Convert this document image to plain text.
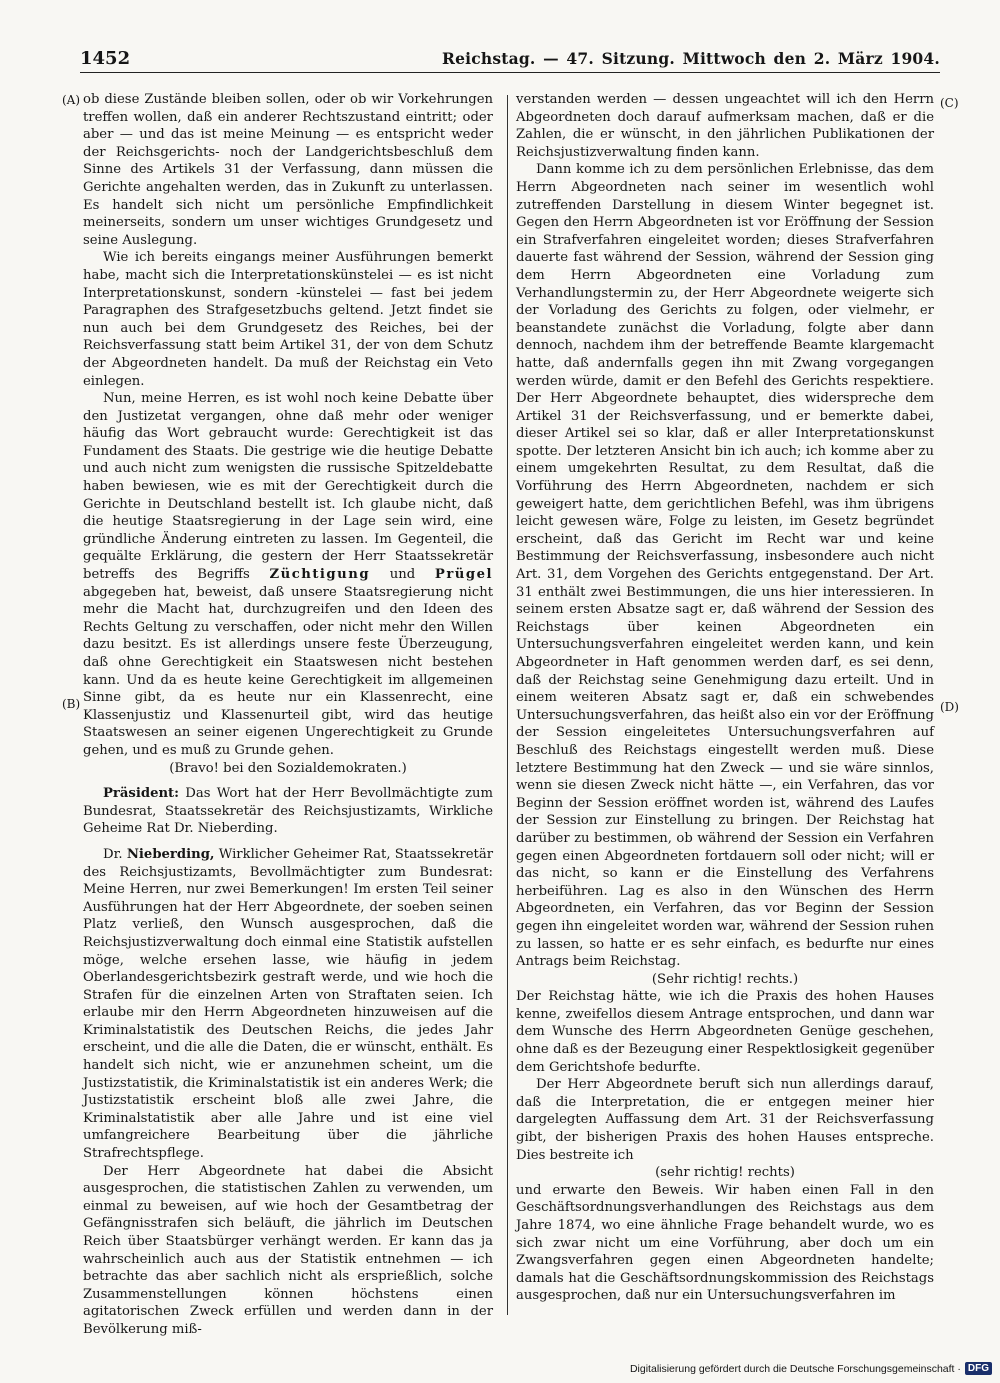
1452	Reichstag. — 47. Sitzung. Mittwoch den 2. März 1904.
(A)
(B)
(C)
(D)

ob diese Zustände bleiben sollen, oder ob wir Vorkehrungen treffen wollen, daß ein anderer Rechtszustand eintritt; oder aber — und das ist meine Meinung — es entspricht weder der Reichsgerichts- noch der Landgerichtsbeschluß dem Sinne des Artikels 31 der Verfassung, dann müssen die Gerichte angehalten werden, das in Zukunft zu unterlassen. Es handelt sich nicht um persönliche Empfindlichkeit meinerseits, sondern um unser wichtiges Grundgesetz und seine Auslegung.

Wie ich bereits eingangs meiner Ausführungen bemerkt habe, macht sich die Interpretationskünstelei — es ist nicht Interpretationskunst, sondern -künstelei — fast bei jedem Paragraphen des Strafgesetzbuchs geltend. Jetzt findet sie nun auch bei dem Grundgesetz des Reiches, bei der Reichsverfassung statt beim Artikel 31, der von dem Schutz der Abgeordneten handelt. Da muß der Reichstag ein Veto einlegen.

Nun, meine Herren, es ist wohl noch keine Debatte über den Justizetat vergangen, ohne daß mehr oder weniger häufig das Wort gebraucht wurde: Gerechtigkeit ist das Fundament des Staats. Die gestrige wie die heutige Debatte und auch nicht zum wenigsten die russische Spitzeldebatte haben bewiesen, wie es mit der Gerechtigkeit durch die Gerichte in Deutschland bestellt ist. Ich glaube nicht, daß die heutige Staatsregierung in der Lage sein wird, eine gründliche Änderung eintreten zu lassen. Im Gegenteil, die gequälte Erklärung, die gestern der Herr Staatssekretär betreffs des Begriffs Züchtigung und Prügel abgegeben hat, beweist, daß unsere Staatsregierung nicht mehr die Macht hat, durchzugreifen und den Ideen des Rechts Geltung zu verschaffen, oder nicht mehr den Willen dazu besitzt. Es ist allerdings unsere feste Überzeugung, daß ohne Gerechtigkeit ein Staatswesen nicht bestehen kann. Und da es heute keine Gerechtigkeit im allgemeinen Sinne gibt, da es heute nur ein Klassenrecht, eine Klassenjustiz und Klassenurteil gibt, wird das heutige Staatswesen an seiner eigenen Ungerechtigkeit zu Grunde gehen, und es muß zu Grunde gehen.

(Bravo! bei den Sozialdemokraten.)

Präsident: Das Wort hat der Herr Bevollmächtigte zum Bundesrat, Staatssekretär des Reichsjustizamts, Wirkliche Geheime Rat Dr. Nieberding.

Dr. Nieberding, Wirklicher Geheimer Rat, Staatssekretär des Reichsjustizamts, Bevollmächtigter zum Bundesrat: Meine Herren, nur zwei Bemerkungen! Im ersten Teil seiner Ausführungen hat der Herr Abgeordnete, der soeben seinen Platz verließ, den Wunsch ausgesprochen, daß die Reichsjustizverwaltung doch einmal eine Statistik aufstellen möge, welche ersehen lasse, wie häufig in jedem Oberlandesgerichtsbezirk gestraft werde, und wie hoch die Strafen für die einzelnen Arten von Straftaten seien. Ich erlaube mir den Herrn Abgeordneten hinzuweisen auf die Kriminalstatistik des Deutschen Reichs, die jedes Jahr erscheint, und die alle die Daten, die er wünscht, enthält. Es handelt sich nicht, wie er anzunehmen scheint, um die Justizstatistik, die Kriminalstatistik ist ein anderes Werk; die Justizstatistik erscheint bloß alle zwei Jahre, die Kriminalstatistik aber alle Jahre und ist eine viel umfangreichere Bearbeitung über die jährliche Strafrechtspflege.

Der Herr Abgeordnete hat dabei die Absicht ausgesprochen, die statistischen Zahlen zu verwenden, um einmal zu beweisen, auf wie hoch der Gesamtbetrag der Gefängnisstrafen sich beläuft, die jährlich im Deutschen Reich über Staatsbürger verhängt werden. Er kann das ja wahrscheinlich auch aus der Statistik entnehmen — ich betrachte das aber sachlich nicht als ersprießlich, solche Zusammenstellungen können höchstens einen agitatorischen Zweck erfüllen und werden dann in der Bevölkerung miß-

verstanden werden — dessen ungeachtet will ich den Herrn Abgeordneten doch darauf aufmerksam machen, daß er die Zahlen, die er wünscht, in den jährlichen Publikationen der Reichsjustizverwaltung finden kann.

Dann komme ich zu dem persönlichen Erlebnisse, das dem Herrn Abgeordneten nach seiner im wesentlich wohl zutreffenden Darstellung in diesem Winter begegnet ist. Gegen den Herrn Abgeordneten ist vor Eröffnung der Session ein Strafverfahren eingeleitet worden; dieses Strafverfahren dauerte fast während der Session, während der Session ging dem Herrn Abgeordneten eine Vorladung zum Verhandlungstermin zu, der Herr Abgeordnete weigerte sich der Vorladung des Gerichts zu folgen, oder vielmehr, er beanstandete zunächst die Vorladung, folgte aber dann dennoch, nachdem ihm der betreffende Beamte klargemacht hatte, daß andernfalls gegen ihn mit Zwang vorgegangen werden würde, damit er den Befehl des Gerichts respektiere. Der Herr Abgeordnete behauptet, dies widerspreche dem Artikel 31 der Reichsverfassung, und er bemerkte dabei, dieser Artikel sei so klar, daß er aller Interpretationskunst spotte. Der letzteren Ansicht bin ich auch; ich komme aber zu einem umgekehrten Resultat, zu dem Resultat, daß die Vorführung des Herrn Abgeordneten, nachdem er sich geweigert hatte, dem gerichtlichen Befehl, was ihm übrigens leicht gewesen wäre, Folge zu leisten, im Gesetz begründet erscheint, daß das Gericht im Recht war und keine Bestimmung der Reichsverfassung, insbesondere auch nicht Art. 31, dem Vorgehen des Gerichts entgegenstand. Der Art. 31 enthält zwei Bestimmungen, die uns hier interessieren. In seinem ersten Absatze sagt er, daß während der Session des Reichstags über keinen Abgeordneten ein Untersuchungsverfahren eingeleitet werden kann, und kein Abgeordneter in Haft genommen werden darf, es sei denn, daß der Reichstag seine Genehmigung dazu erteilt. Und in einem weiteren Absatz sagt er, daß ein schwebendes Untersuchungsverfahren, das heißt also ein vor der Eröffnung der Session eingeleitetes Untersuchungsverfahren auf Beschluß des Reichstags eingestellt werden muß. Diese letztere Bestimmung hat den Zweck — und sie wäre sinnlos, wenn sie diesen Zweck nicht hätte —, ein Verfahren, das vor Beginn der Session eröffnet worden ist, während des Laufes der Session zur Einstellung zu bringen. Der Reichstag hat darüber zu bestimmen, ob während der Session ein Verfahren gegen einen Abgeordneten fortdauern soll oder nicht; will er das nicht, so kann er die Einstellung des Verfahrens herbeiführen. Lag es also in den Wünschen des Herrn Abgeordneten, ein Verfahren, das vor Beginn der Session gegen ihn eingeleitet worden war, während der Session ruhen zu lassen, so hatte er es sehr einfach, es bedurfte nur eines Antrags beim Reichstag.

(Sehr richtig! rechts.)

Der Reichstag hätte, wie ich die Praxis des hohen Hauses kenne, zweifellos diesem Antrage entsprochen, und dann war dem Wunsche des Herrn Abgeordneten Genüge geschehen, ohne daß es der Bezeugung einer Respektlosigkeit gegenüber dem Gerichtshofe bedurfte.

Der Herr Abgeordnete beruft sich nun allerdings darauf, daß die Interpretation, die er entgegen meiner hier dargelegten Auffassung dem Art. 31 der Reichsverfassung gibt, der bisherigen Praxis des hohen Hauses entspreche. Dies bestreite ich

(sehr richtig! rechts)

und erwarte den Beweis. Wir haben einen Fall in den Geschäftsordnungsverhandlungen des Reichstags aus dem Jahre 1874, wo eine ähnliche Frage behandelt wurde, wo es sich zwar nicht um eine Vorführung, aber doch um ein Zwangsverfahren gegen einen Abgeordneten handelte; damals hat die Geschäftsordnungskommission des Reichstags ausgesprochen, daß nur ein Untersuchungsverfahren im

Digitalisierung gefördert durch die Deutsche Forschungsgemeinschaft · DFG
